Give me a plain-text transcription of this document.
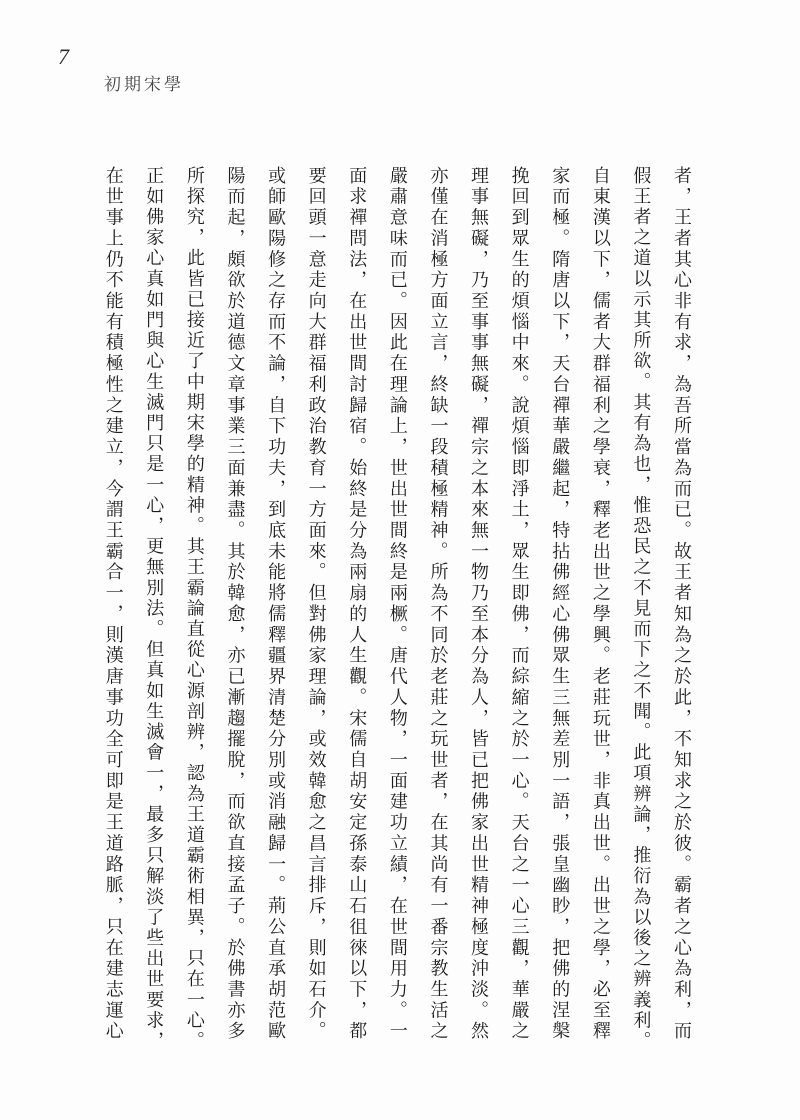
7
初期宋學
者，王者其心非有求，為吾所當為而已。故王者知為之於此，不知求之於彼。霸者之心為利，而
假王者之道以示其所欲。其有為也，惟恐民之不見而下之不聞。此項辨論，推衍為以後之辨義利。
自東漢以下，儒者大群福利之學衰，釋老出世之學興。老莊玩世，非真出世。出世之學，必至釋
家而極。隋唐以下，天台禪華嚴繼起，特拈佛經心佛眾生三無差別一語，張皇幽眇，把佛的涅槃
挽回到眾生的煩惱中來。說煩惱即淨土，眾生即佛，而綜縮之於一心。天台之一心三觀，華嚴之
理事無礙，乃至事事無礙，禪宗之本來無一物乃至本分為人，皆已把佛家出世精神極度沖淡。然
亦僅在消極方面立言，終缺一段積極精神。所為不同於老莊之玩世者，在其尚有一番宗教生活之
嚴肅意味而已。因此在理論上，世出世間終是兩橛。唐代人物，一面建功立績，在世間用力。一
面求禪問法，在出世間討歸宿。始終是分為兩扇的人生觀。宋儒自胡安定孫泰山石徂徠以下，都
要回頭一意走向大群福利政治教育一方面來。但對佛家理論，或效韓愈之昌言排斥，則如石介。
或師歐陽修之存而不論，自下功夫，到底未能將儒釋疆界清楚分別或消融歸一。荊公直承胡范歐
陽而起，頗欲於道德文章事業三面兼盡。其於韓愈，亦已漸趨擺脫，而欲直接孟子。於佛書亦多
所探究，此皆已接近了中期宋學的精神。其王霸論直從心源剖辨，認為王道霸術相異，只在一心。
正如佛家心真如門與心生滅門只是一心，更無別法。但真如生滅會一，最多只解淡了些出世要求，
在世事上仍不能有積極性之建立，今謂王霸合一，則漢唐事功全可即是王道路脈，只在建志運心
